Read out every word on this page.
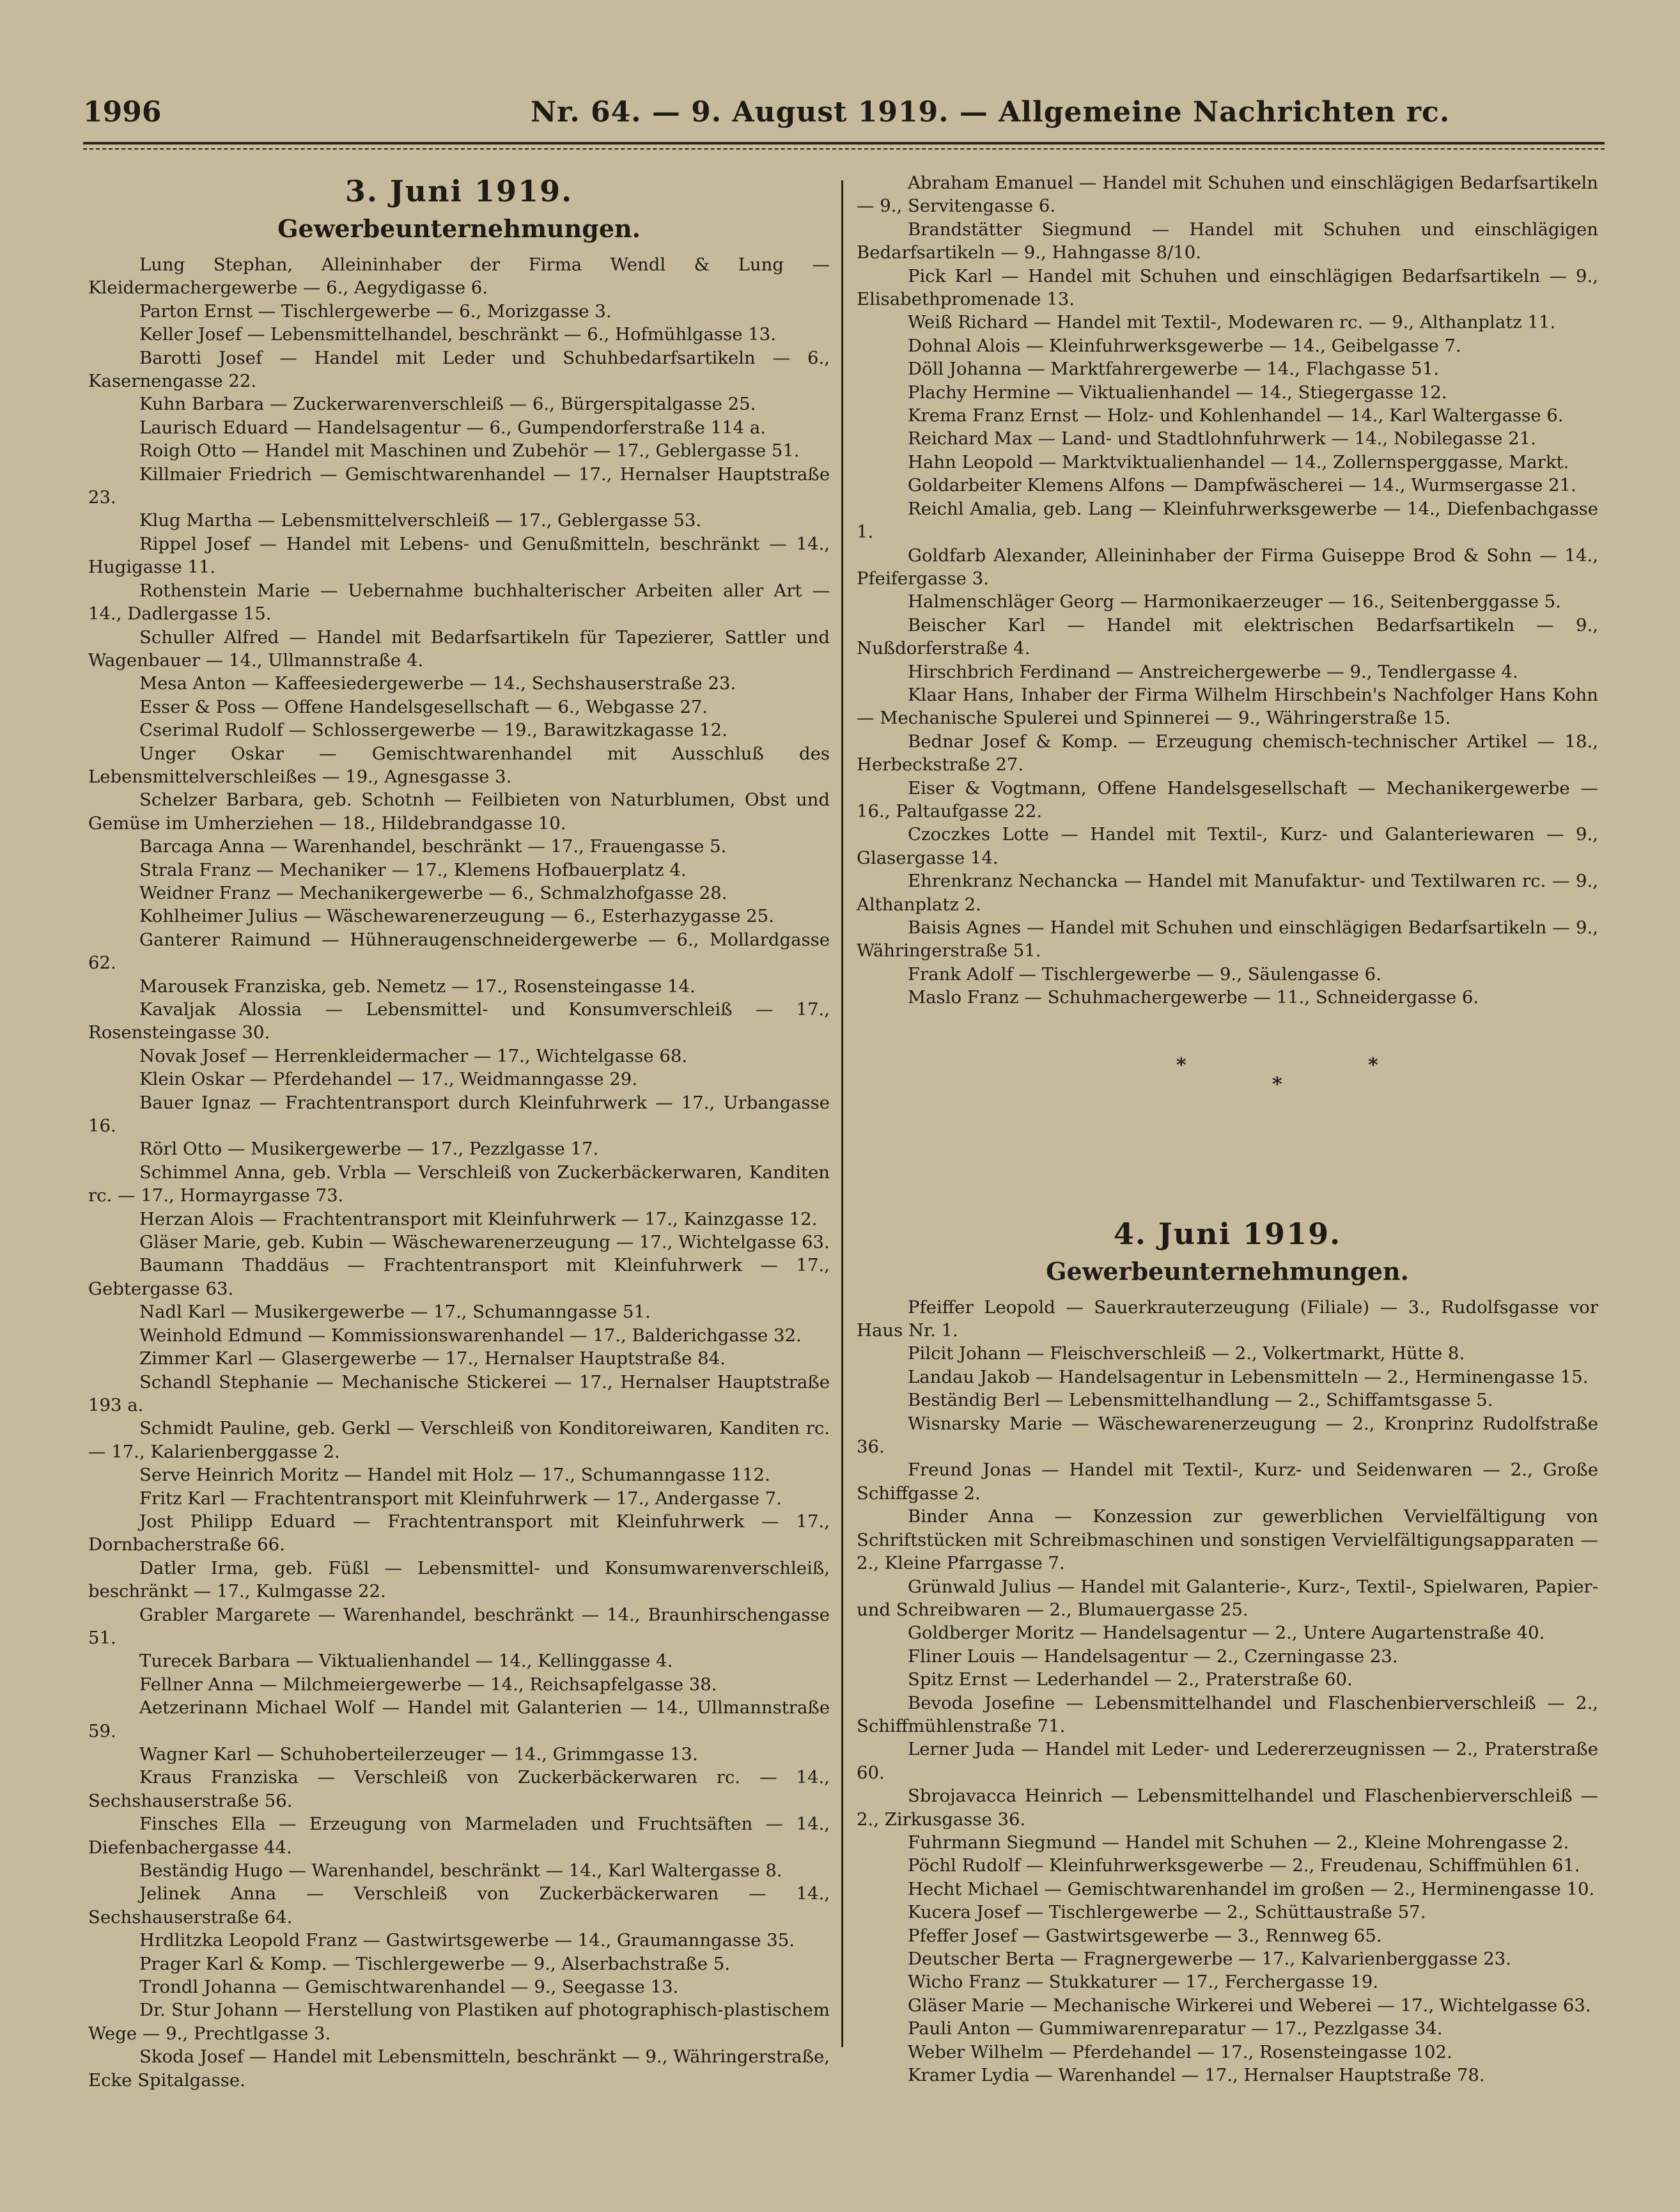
1996	Nr. 64. — 9. August 1919. — Allgemeine Nachrichten rc.
3. Juni 1919.
Gewerbeunternehmungen.

Lung Stephan, Alleininhaber der Firma Wendl & Lung — Kleidermachergewerbe — 6., Aegydigasse 6.

Parton Ernst — Tischlergewerbe — 6., Morizgasse 3.

Keller Josef — Lebensmittelhandel, beschränkt — 6., Hofmühlgasse 13.

Barotti Josef — Handel mit Leder und Schuhbedarfsartikeln — 6., Kasernengasse 22.

Kuhn Barbara — Zuckerwarenverschleiß — 6., Bürgerspitalgasse 25.

Laurisch Eduard — Handelsagentur — 6., Gumpendorferstraße 114 a.

Roigh Otto — Handel mit Maschinen und Zubehör — 17., Geblergasse 51.

Killmaier Friedrich — Gemischtwarenhandel — 17., Hernalser Hauptstraße 23.

Klug Martha — Lebensmittelverschleiß — 17., Geblergasse 53.

Rippel Josef — Handel mit Lebens- und Genußmitteln, beschränkt — 14., Hugigasse 11.

Rothenstein Marie — Uebernahme buchhalterischer Arbeiten aller Art — 14., Dadlergasse 15.

Schuller Alfred — Handel mit Bedarfsartikeln für Tapezierer, Sattler und Wagenbauer — 14., Ullmannstraße 4.

Mesa Anton — Kaffeesiedergewerbe — 14., Sechshauserstraße 23.

Esser & Poss — Offene Handelsgesellschaft — 6., Webgasse 27.

Cserimal Rudolf — Schlossergewerbe — 19., Barawitzkagasse 12.

Unger Oskar — Gemischtwarenhandel mit Ausschluß des Lebensmittelverschleißes — 19., Agnesgasse 3.

Schelzer Barbara, geb. Schotnh — Feilbieten von Naturblumen, Obst und Gemüse im Umherziehen — 18., Hildebrandgasse 10.

Barcaga Anna — Warenhandel, beschränkt — 17., Frauengasse 5.

Strala Franz — Mechaniker — 17., Klemens Hofbauerplatz 4.

Weidner Franz — Mechanikergewerbe — 6., Schmalzhofgasse 28.

Kohlheimer Julius — Wäschewarenerzeugung — 6., Esterhazygasse 25.

Ganterer Raimund — Hühneraugenschneidergewerbe — 6., Mollardgasse 62.

Marousek Franziska, geb. Nemetz — 17., Rosensteingasse 14.

Kavaljak Alossia — Lebensmittel- und Konsumverschleiß — 17., Rosensteingasse 30.

Novak Josef — Herrenkleidermacher — 17., Wichtelgasse 68.

Klein Oskar — Pferdehandel — 17., Weidmanngasse 29.

Bauer Ignaz — Frachtentransport durch Kleinfuhrwerk — 17., Urbangasse 16.

Rörl Otto — Musikergewerbe — 17., Pezzlgasse 17.

Schimmel Anna, geb. Vrbla — Verschleiß von Zuckerbäckerwaren, Kanditen rc. — 17., Hormayrgasse 73.

Herzan Alois — Frachtentransport mit Kleinfuhrwerk — 17., Kainzgasse 12.

Gläser Marie, geb. Kubin — Wäschewarenerzeugung — 17., Wichtelgasse 63.

Baumann Thaddäus — Frachtentransport mit Kleinfuhrwerk — 17., Gebtergasse 63.

Nadl Karl — Musikergewerbe — 17., Schumanngasse 51.

Weinhold Edmund — Kommissionswarenhandel — 17., Balderichgasse 32.

Zimmer Karl — Glasergewerbe — 17., Hernalser Hauptstraße 84.

Schandl Stephanie — Mechanische Stickerei — 17., Hernalser Hauptstraße 193 a.

Schmidt Pauline, geb. Gerkl — Verschleiß von Konditoreiwaren, Kanditen rc. — 17., Kalarienberggasse 2.

Serve Heinrich Moritz — Handel mit Holz — 17., Schumanngasse 112.

Fritz Karl — Frachtentransport mit Kleinfuhrwerk — 17., Andergasse 7.

Jost Philipp Eduard — Frachtentransport mit Kleinfuhrwerk — 17., Dornbacherstraße 66.

Datler Irma, geb. Füßl — Lebensmittel- und Konsumwarenverschleiß, beschränkt — 17., Kulmgasse 22.

Grabler Margarete — Warenhandel, beschränkt — 14., Braunhirschengasse 51.

Turecek Barbara — Viktualienhandel — 14., Kellinggasse 4.

Fellner Anna — Milchmeiergewerbe — 14., Reichsapfelgasse 38.

Aetzerinann Michael Wolf — Handel mit Galanterien — 14., Ullmannstraße 59.

Wagner Karl — Schuhoberteilerzeuger — 14., Grimmgasse 13.

Kraus Franziska — Verschleiß von Zuckerbäckerwaren rc. — 14., Sechshauserstraße 56.

Finsches Ella — Erzeugung von Marmeladen und Fruchtsäften — 14., Diefenbachergasse 44.

Beständig Hugo — Warenhandel, beschränkt — 14., Karl Waltergasse 8.

Jelinek Anna — Verschleiß von Zuckerbäckerwaren — 14., Sechshauserstraße 64.

Hrdlitzka Leopold Franz — Gastwirtsgewerbe — 14., Graumanngasse 35.

Prager Karl & Komp. — Tischlergewerbe — 9., Alserbachstraße 5.

Trondl Johanna — Gemischtwarenhandel — 9., Seegasse 13.

Dr. Stur Johann — Herstellung von Plastiken auf photographisch-plastischem Wege — 9., Prechtlgasse 3.

Skoda Josef — Handel mit Lebensmitteln, beschränkt — 9., Währingerstraße, Ecke Spitalgasse.

Abraham Emanuel — Handel mit Schuhen und einschlägigen Bedarfsartikeln — 9., Servitengasse 6.

Brandstätter Siegmund — Handel mit Schuhen und einschlägigen Bedarfsartikeln — 9., Hahngasse 8/10.

Pick Karl — Handel mit Schuhen und einschlägigen Bedarfsartikeln — 9., Elisabethpromenade 13.

Weiß Richard — Handel mit Textil-, Modewaren rc. — 9., Althanplatz 11.

Dohnal Alois — Kleinfuhrwerksgewerbe — 14., Geibelgasse 7.

Döll Johanna — Marktfahrergewerbe — 14., Flachgasse 51.

Plachy Hermine — Viktualienhandel — 14., Stiegergasse 12.

Krema Franz Ernst — Holz- und Kohlenhandel — 14., Karl Waltergasse 6.

Reichard Max — Land- und Stadtlohnfuhrwerk — 14., Nobilegasse 21.

Hahn Leopold — Marktviktualienhandel — 14., Zollernsperggasse, Markt.

Goldarbeiter Klemens Alfons — Dampfwäscherei — 14., Wurmsergasse 21.

Reichl Amalia, geb. Lang — Kleinfuhrwerksgewerbe — 14., Diefenbachgasse 1.

Goldfarb Alexander, Alleininhaber der Firma Guiseppe Brod & Sohn — 14., Pfeifergasse 3.

Halmenschläger Georg — Harmonikaerzeuger — 16., Seitenberggasse 5.

Beischer Karl — Handel mit elektrischen Bedarfsartikeln — 9., Nußdorferstraße 4.

Hirschbrich Ferdinand — Anstreichergewerbe — 9., Tendlergasse 4.

Klaar Hans, Inhaber der Firma Wilhelm Hirschbein's Nachfolger Hans Kohn — Mechanische Spulerei und Spinnerei — 9., Währingerstraße 15.

Bednar Josef & Komp. — Erzeugung chemisch-technischer Artikel — 18., Herbeckstraße 27.

Eiser & Vogtmann, Offene Handelsgesellschaft — Mechanikergewerbe — 16., Paltaufgasse 22.

Czoczkes Lotte — Handel mit Textil-, Kurz- und Galanteriewaren — 9., Glasergasse 14.

Ehrenkranz Nechancka — Handel mit Manufaktur- und Textilwaren rc. — 9., Althanplatz 2.

Baisis Agnes — Handel mit Schuhen und einschlägigen Bedarfsartikeln — 9., Währingerstraße 51.

Frank Adolf — Tischlergewerbe — 9., Säulengasse 6.

Maslo Franz — Schuhmachergewerbe — 11., Schneidergasse 6.

*
*
*
4. Juni 1919.
Gewerbeunternehmungen.

Pfeiffer Leopold — Sauerkrauterzeugung (Filiale) — 3., Rudolfsgasse vor Haus Nr. 1.

Pilcit Johann — Fleischverschleiß — 2., Volkertmarkt, Hütte 8.

Landau Jakob — Handelsagentur in Lebensmitteln — 2., Herminengasse 15.

Beständig Berl — Lebensmittelhandlung — 2., Schiffamtsgasse 5.

Wisnarsky Marie — Wäschewarenerzeugung — 2., Kronprinz Rudolfstraße 36.

Freund Jonas — Handel mit Textil-, Kurz- und Seidenwaren — 2., Große Schiffgasse 2.

Binder Anna — Konzession zur gewerblichen Vervielfältigung von Schriftstücken mit Schreibmaschinen und sonstigen Vervielfältigungsapparaten — 2., Kleine Pfarrgasse 7.

Grünwald Julius — Handel mit Galanterie-, Kurz-, Textil-, Spielwaren, Papier- und Schreibwaren — 2., Blumauergasse 25.

Goldberger Moritz — Handelsagentur — 2., Untere Augartenstraße 40.

Fliner Louis — Handelsagentur — 2., Czerningasse 23.

Spitz Ernst — Lederhandel — 2., Praterstraße 60.

Bevoda Josefine — Lebensmittelhandel und Flaschenbierverschleiß — 2., Schiffmühlenstraße 71.

Lerner Juda — Handel mit Leder- und Ledererzeugnissen — 2., Praterstraße 60.

Sbrojavacca Heinrich — Lebensmittelhandel und Flaschenbierverschleiß — 2., Zirkusgasse 36.

Fuhrmann Siegmund — Handel mit Schuhen — 2., Kleine Mohrengasse 2.

Pöchl Rudolf — Kleinfuhrwerksgewerbe — 2., Freudenau, Schiffmühlen 61.

Hecht Michael — Gemischtwarenhandel im großen — 2., Herminengasse 10.

Kucera Josef — Tischlergewerbe — 2., Schüttaustraße 57.

Pfeffer Josef — Gastwirtsgewerbe — 3., Rennweg 65.

Deutscher Berta — Fragnergewerbe — 17., Kalvarienberggasse 23.

Wicho Franz — Stukkaturer — 17., Ferchergasse 19.

Gläser Marie — Mechanische Wirkerei und Weberei — 17., Wichtelgasse 63.

Pauli Anton — Gummiwarenreparatur — 17., Pezzlgasse 34.

Weber Wilhelm — Pferdehandel — 17., Rosensteingasse 102.

Kramer Lydia — Warenhandel — 17., Hernalser Hauptstraße 78.
